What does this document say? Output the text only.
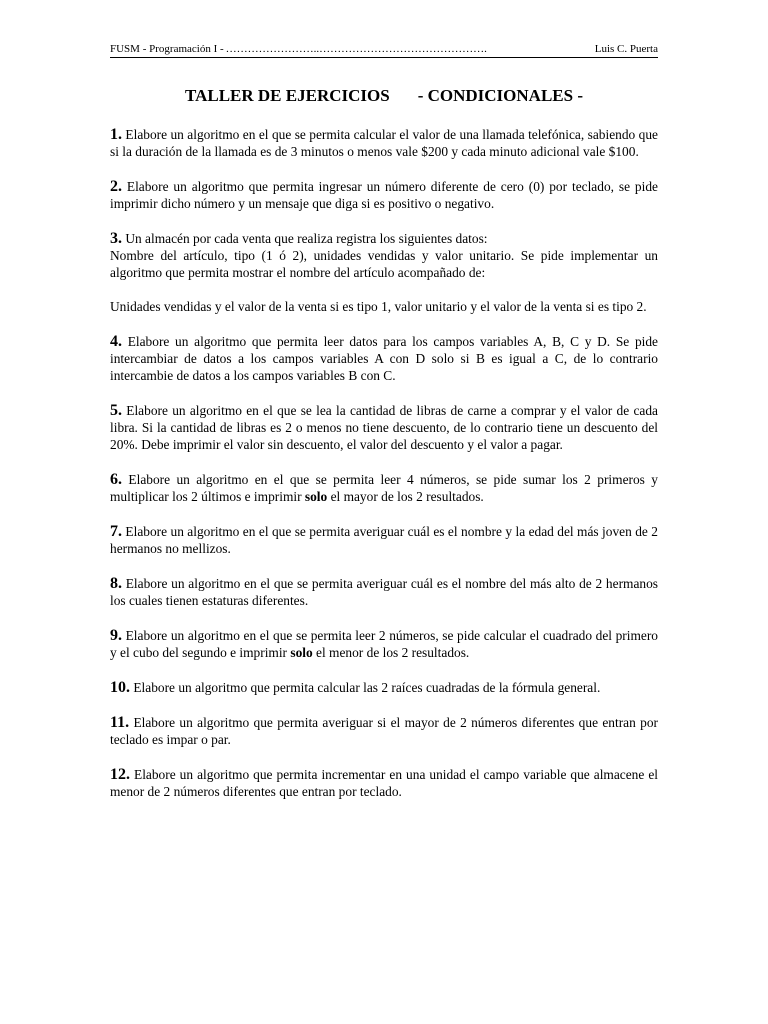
FUSM - Programación I - ……………………..……………………………………….	Luis C. Puerta
TALLER DE EJERCICIOS - CONDICIONALES -

1. Elabore un algoritmo en el que se permita calcular el valor de una llamada telefónica, sabiendo que si la duración de la llamada es de 3 minutos o menos vale $200 y cada minuto adicional vale $100.

2. Elabore un algoritmo que permita ingresar un número diferente de cero (0) por teclado, se pide imprimir dicho número y un mensaje que diga si es positivo o negativo.

3. Un almacén por cada venta que realiza registra los siguientes datos:
Nombre del artículo, tipo (1 ó 2), unidades vendidas y valor unitario. Se pide implementar un algoritmo que permita mostrar el nombre del artículo acompañado de:
Unidades vendidas y el valor de la venta si es tipo 1, valor unitario y el valor de la venta si es tipo 2.

4. Elabore un algoritmo que permita leer datos para los campos variables A, B, C y D. Se pide intercambiar de datos a los campos variables A con D solo si B es igual a C, de lo contrario intercambie de datos a los campos variables B con C.

5. Elabore un algoritmo en el que se lea la cantidad de libras de carne a comprar y el valor de cada libra. Si la cantidad de libras es 2 o menos no tiene descuento, de lo contrario tiene un descuento del 20%. Debe imprimir el valor sin descuento, el valor del descuento y el valor a pagar.

6. Elabore un algoritmo en el que se permita leer 4 números, se pide sumar los 2 primeros y multiplicar los 2 últimos e imprimir solo el mayor de los 2 resultados.

7. Elabore un algoritmo en el que se permita averiguar cuál es el nombre y la edad del más joven de 2 hermanos no mellizos.

8. Elabore un algoritmo en el que se permita averiguar cuál es el nombre del más alto de 2 hermanos los cuales tienen estaturas diferentes.

9. Elabore un algoritmo en el que se permita leer 2 números, se pide calcular el cuadrado del primero y el cubo del segundo e imprimir solo el menor de los 2 resultados.

10. Elabore un algoritmo que permita calcular las 2 raíces cuadradas de la fórmula general.

11. Elabore un algoritmo que permita averiguar si el mayor de 2 números diferentes que entran por teclado es impar o par.

12. Elabore un algoritmo que permita incrementar en una unidad el campo variable que almacene el menor de 2 números diferentes que entran por teclado.
